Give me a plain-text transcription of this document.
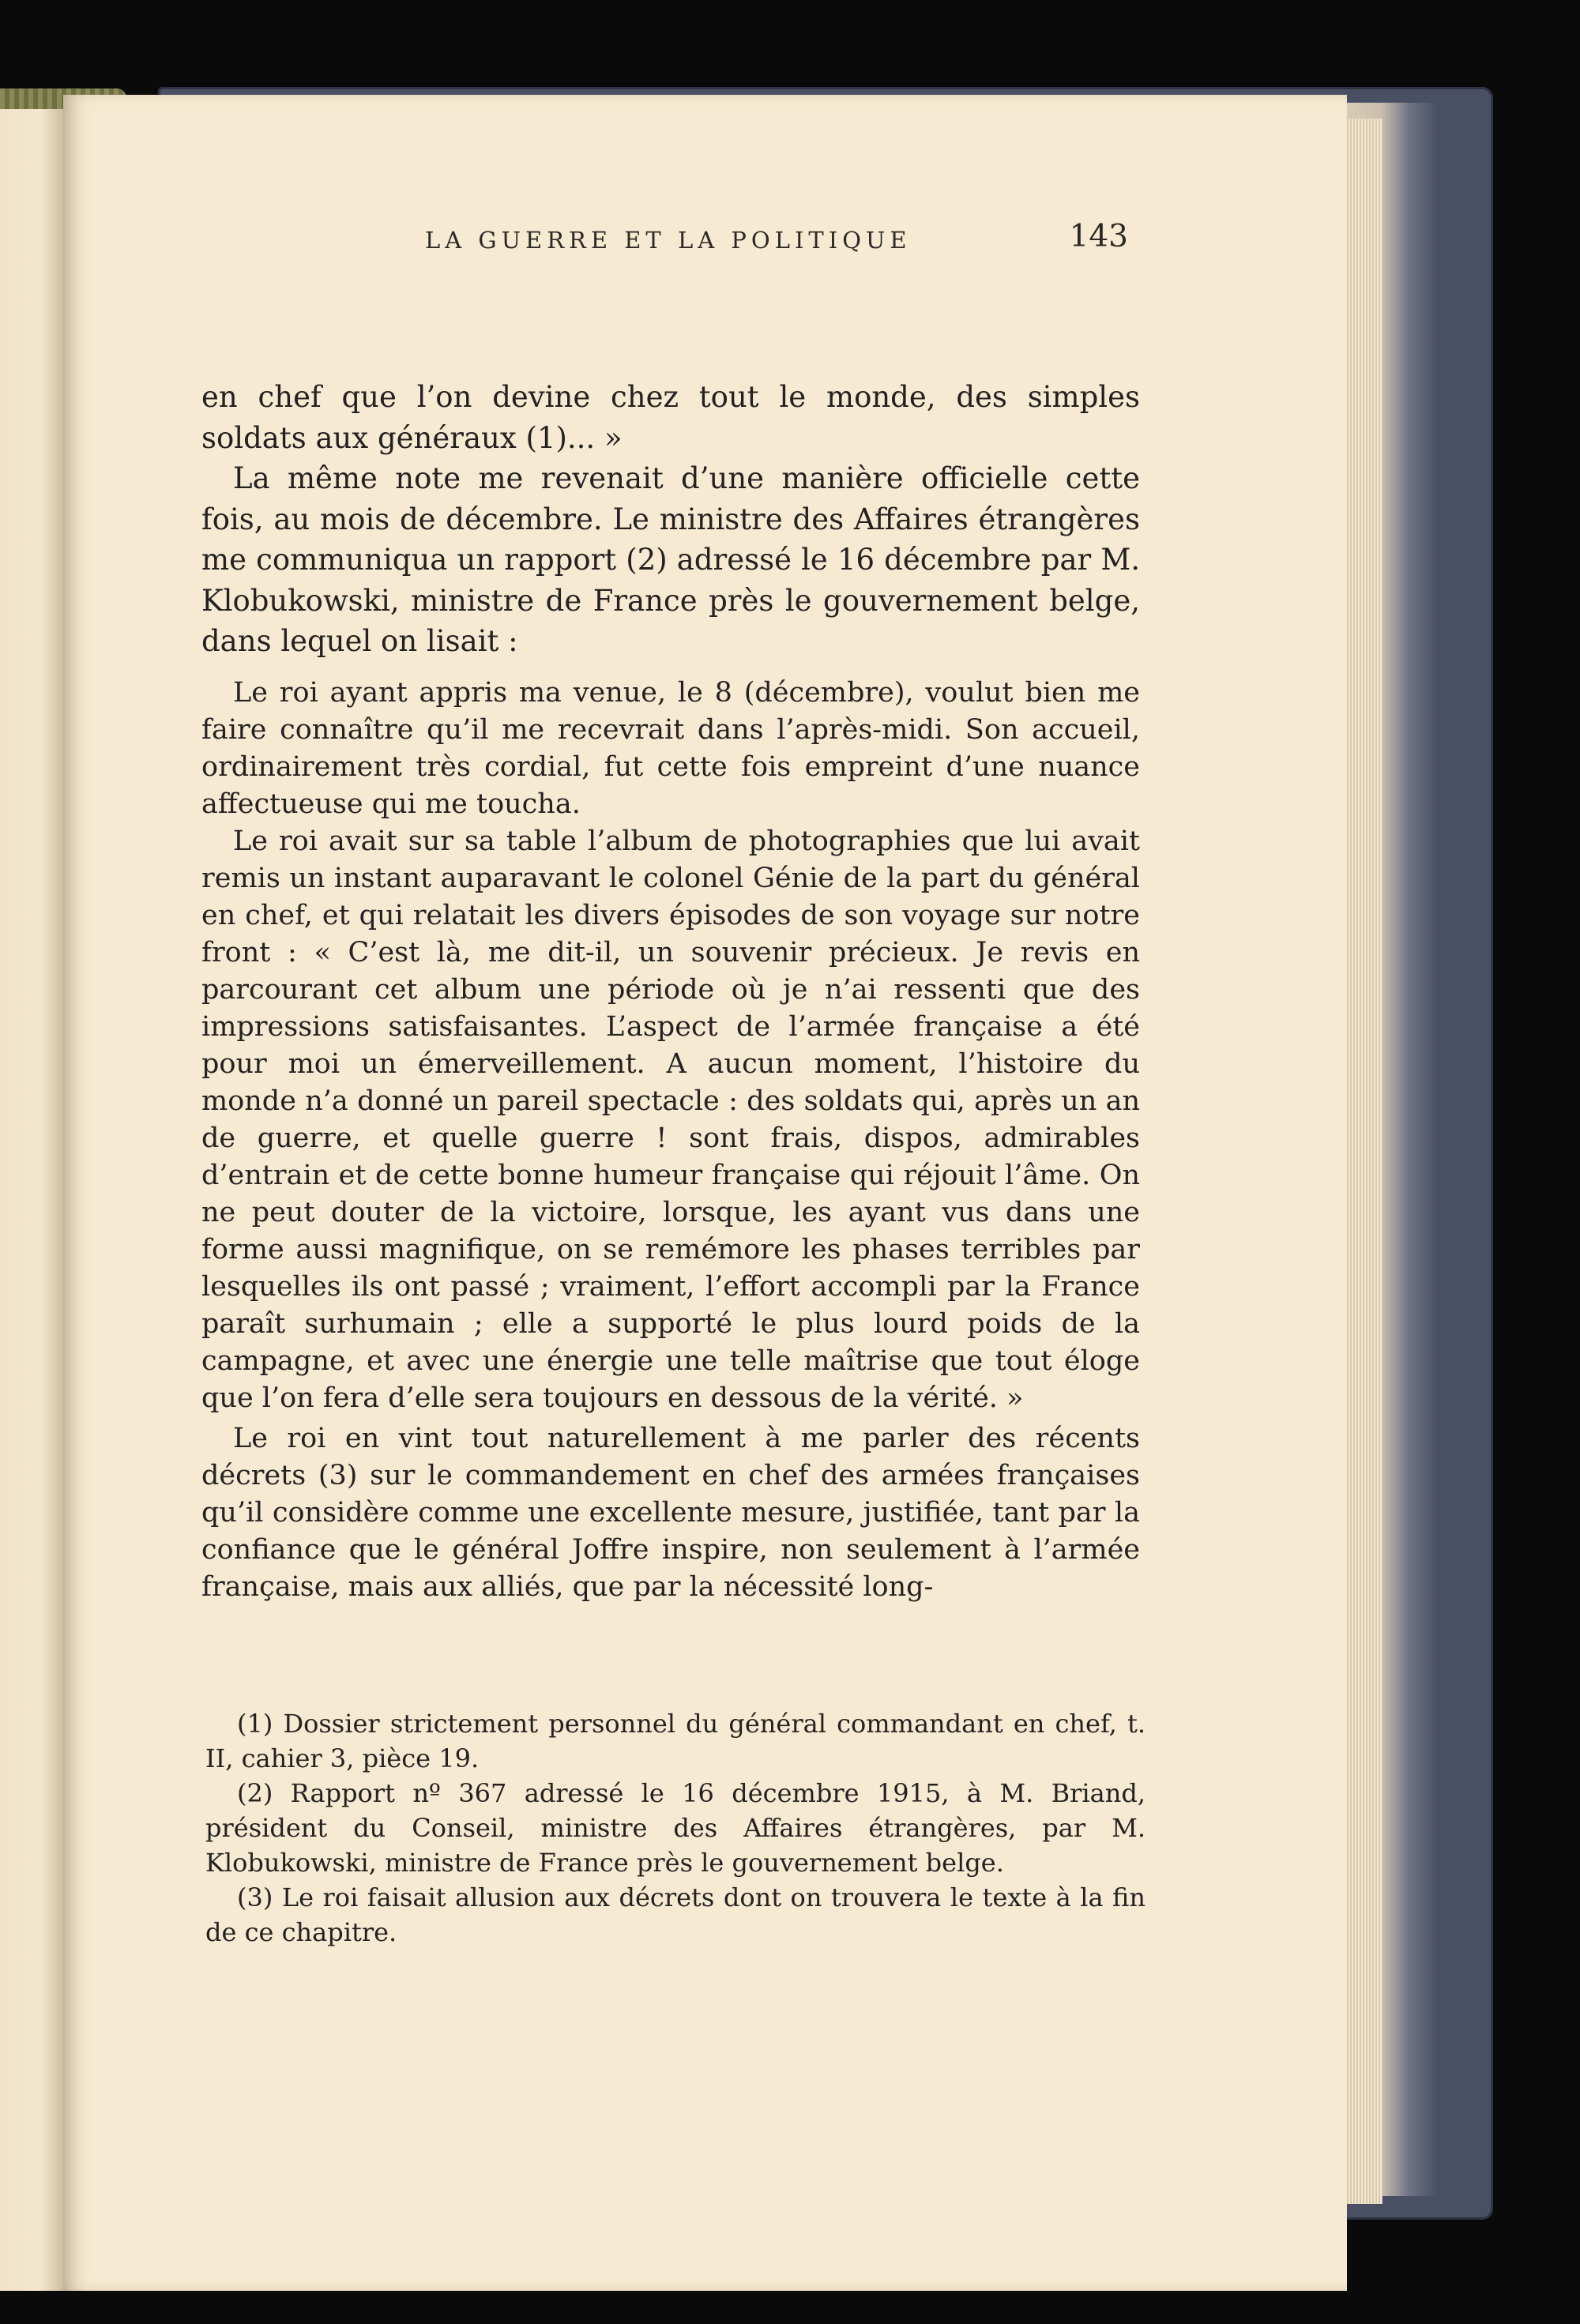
LA GUERRE ET LA POLITIQUE	143

en chef que l’on devine chez tout le monde, des simples soldats aux généraux (1)... »

La même note me revenait d’une manière officielle cette fois, au mois de décembre. Le ministre des Affaires étrangères me communiqua un rapport (2) adressé le 16 décembre par M. Klobukowski, ministre de France près le gouvernement belge, dans lequel on lisait :

Le roi ayant appris ma venue, le 8 (décembre), voulut bien me faire connaître qu’il me recevrait dans l’après-midi. Son accueil, ordinairement très cordial, fut cette fois empreint d’une nuance affectueuse qui me toucha.

Le roi avait sur sa table l’album de photographies que lui avait remis un instant auparavant le colonel Génie de la part du général en chef, et qui relatait les divers épisodes de son voyage sur notre front : « C’est là, me dit-il, un souvenir précieux. Je revis en parcourant cet album une période où je n’ai ressenti que des impressions satisfaisantes. L’aspect de l’armée française a été pour moi un émerveillement. A aucun moment, l’histoire du monde n’a donné un pareil spectacle : des soldats qui, après un an de guerre, et quelle guerre ! sont frais, dispos, admirables d’entrain et de cette bonne humeur française qui réjouit l’âme. On ne peut douter de la victoire, lorsque, les ayant vus dans une forme aussi magnifique, on se remémore les phases terribles par lesquelles ils ont passé ; vraiment, l’effort accompli par la France paraît surhumain ; elle a supporté le plus lourd poids de la campagne, et avec une énergie une telle maîtrise que tout éloge que l’on fera d’elle sera toujours en dessous de la vérité. »

Le roi en vint tout naturellement à me parler des récents décrets (3) sur le commandement en chef des armées françaises qu’il considère comme une excellente mesure, justifiée, tant par la confiance que le général Joffre inspire, non seulement à l’armée française, mais aux alliés, que par la nécessité long-

(1) Dossier strictement personnel du général commandant en chef, t. II, cahier 3, pièce 19.

(2) Rapport nº 367 adressé le 16 décembre 1915, à M. Briand, président du Conseil, ministre des Affaires étrangères, par M. Klobukowski, ministre de France près le gouvernement belge.

(3) Le roi faisait allusion aux décrets dont on trouvera le texte à la fin de ce chapitre.
